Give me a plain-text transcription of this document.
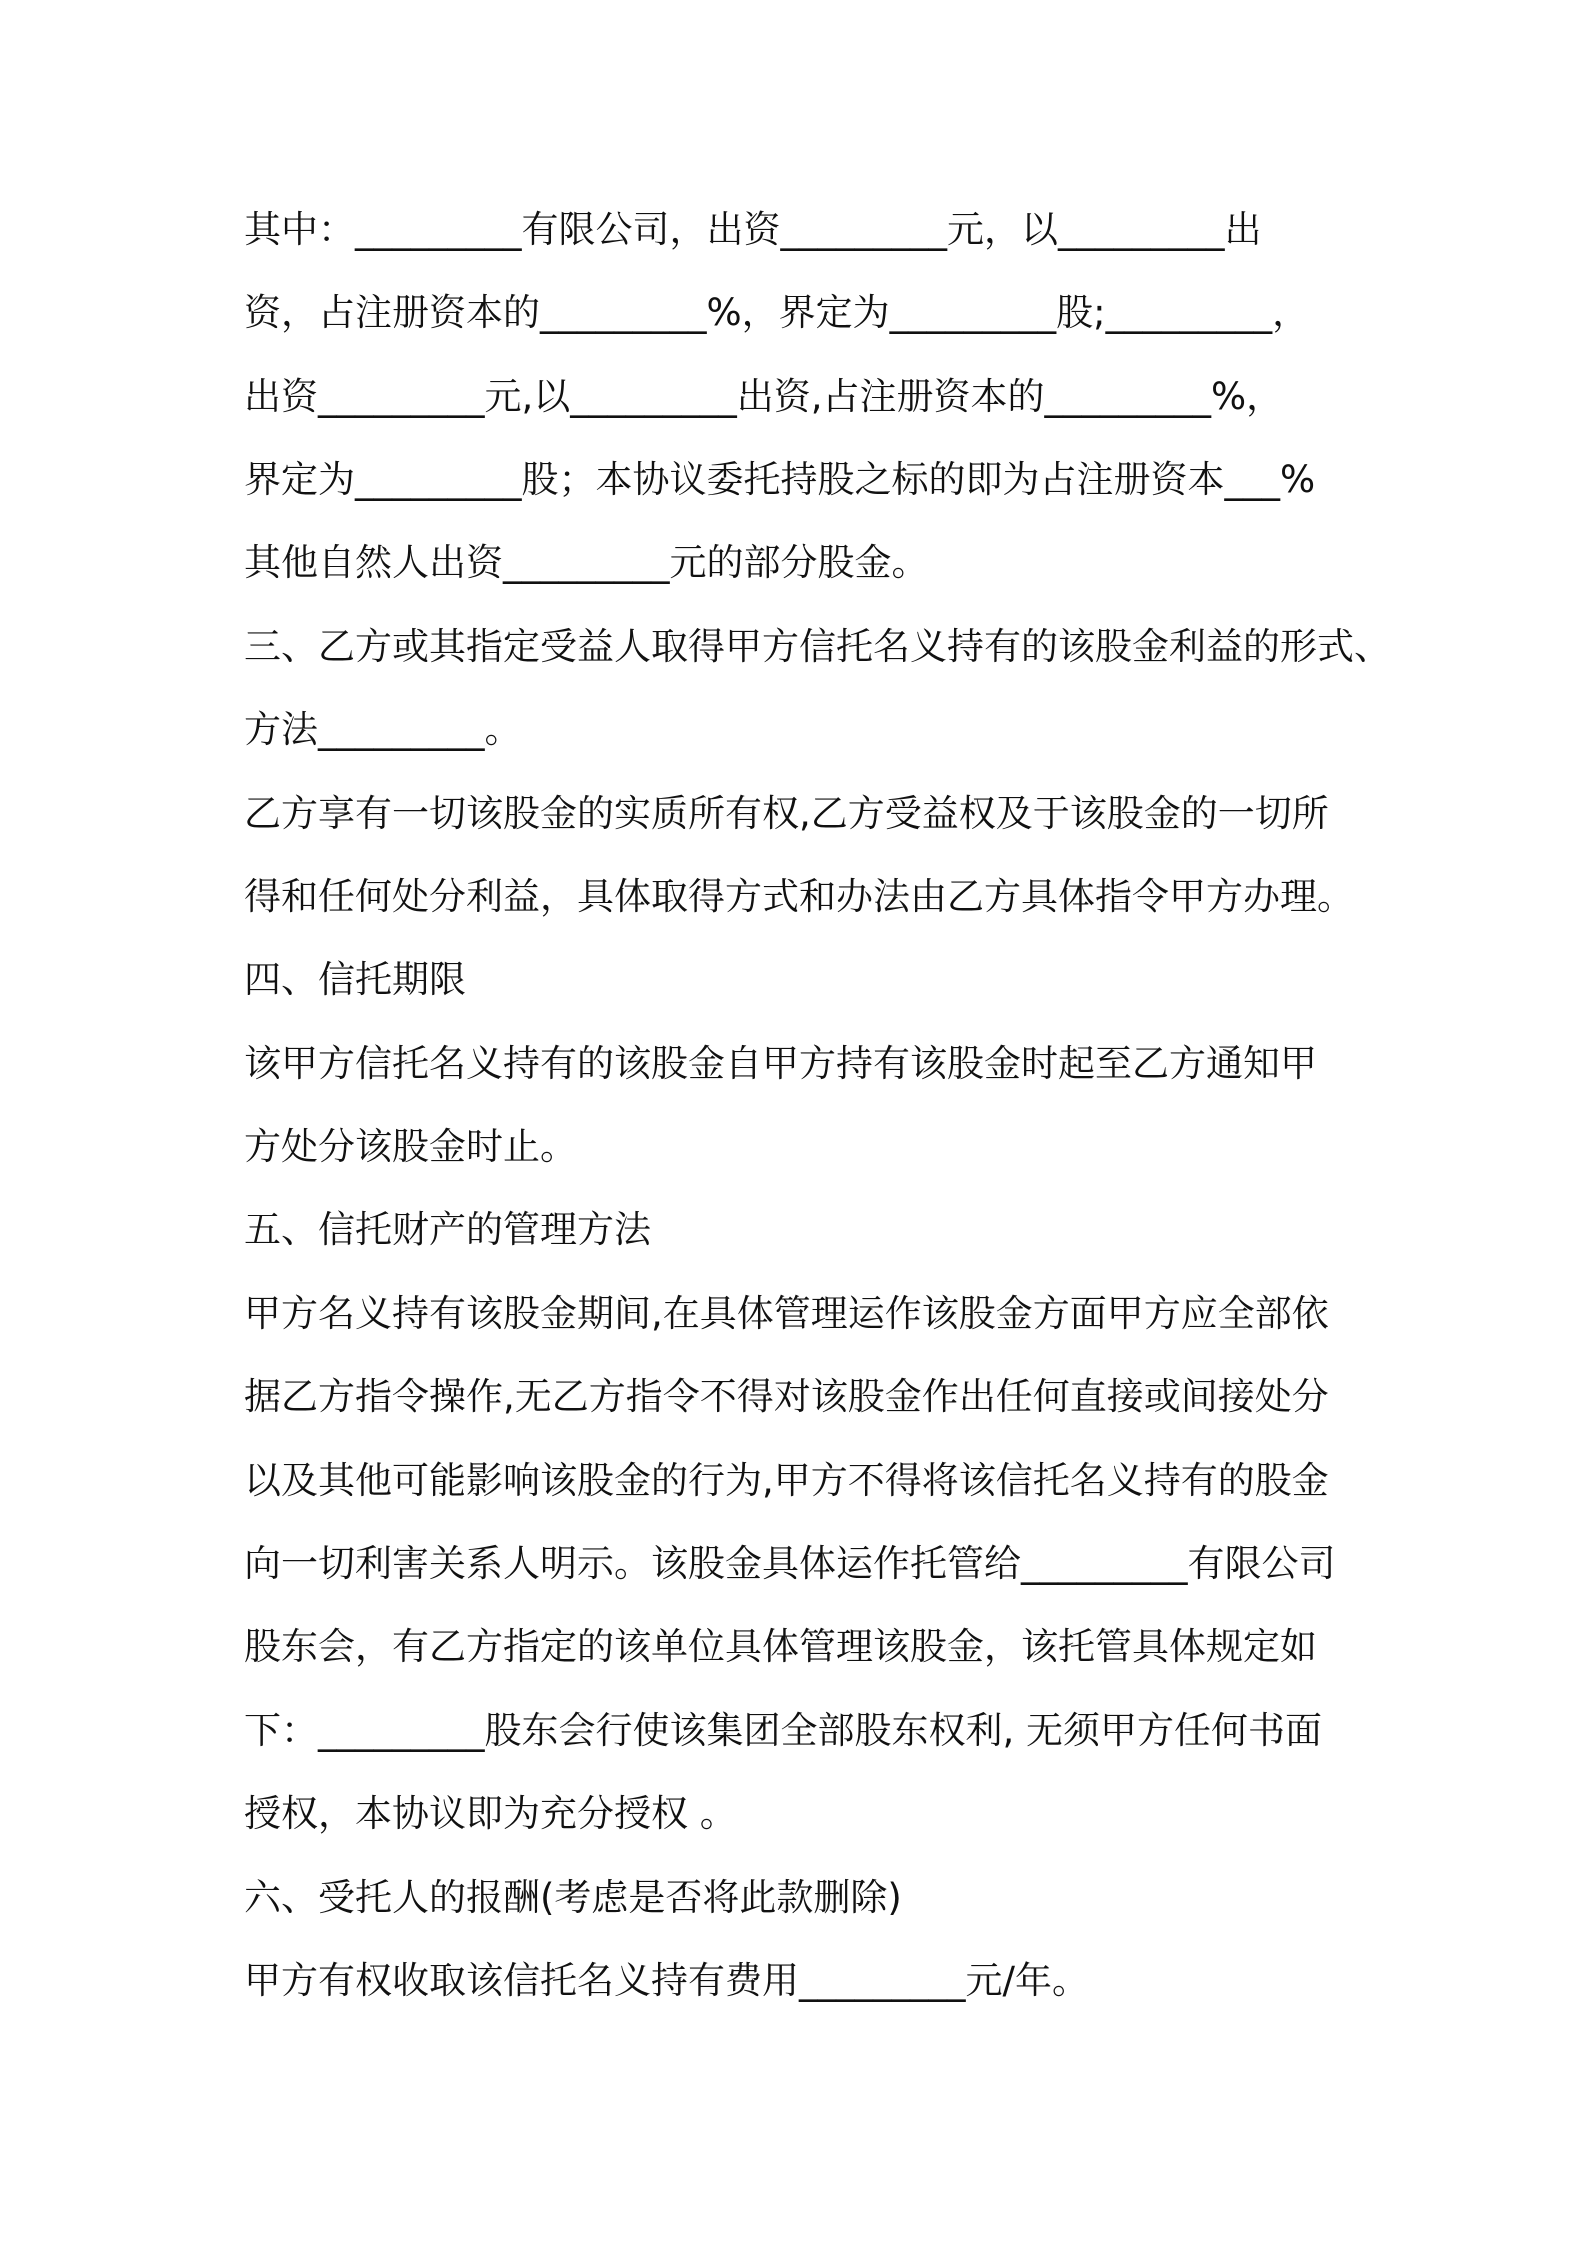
其中：_________有限公司，出资_________元，以_________出
资，占注册资本的_________%，界定为_________股;_________，
出资_________元,以_________出资,占注册资本的_________%，
界定为_________股；本协议委托持股之标的即为占注册资本___%
其他自然人出资_________元的部分股金。
三、乙方或其指定受益人取得甲方信托名义持有的该股金利益的形式、
方法_________。
乙方享有一切该股金的实质所有权,乙方受益权及于该股金的一切所
得和任何处分利益，具体取得方式和办法由乙方具体指令甲方办理。
四、信托期限
该甲方信托名义持有的该股金自甲方持有该股金时起至乙方通知甲
方处分该股金时止。
五、信托财产的管理方法
甲方名义持有该股金期间,在具体管理运作该股金方面甲方应全部依
据乙方指令操作,无乙方指令不得对该股金作出任何直接或间接处分
以及其他可能影响该股金的行为,甲方不得将该信托名义持有的股金
向一切利害关系人明示。该股金具体运作托管给_________有限公司
股东会，有乙方指定的该单位具体管理该股金，该托管具体规定如
下：_________股东会行使该集团全部股东权利, 无须甲方任何书面
授权，本协议即为充分授权 。
六、受托人的报酬(考虑是否将此款删除)
甲方有权收取该信托名义持有费用_________元/年。
